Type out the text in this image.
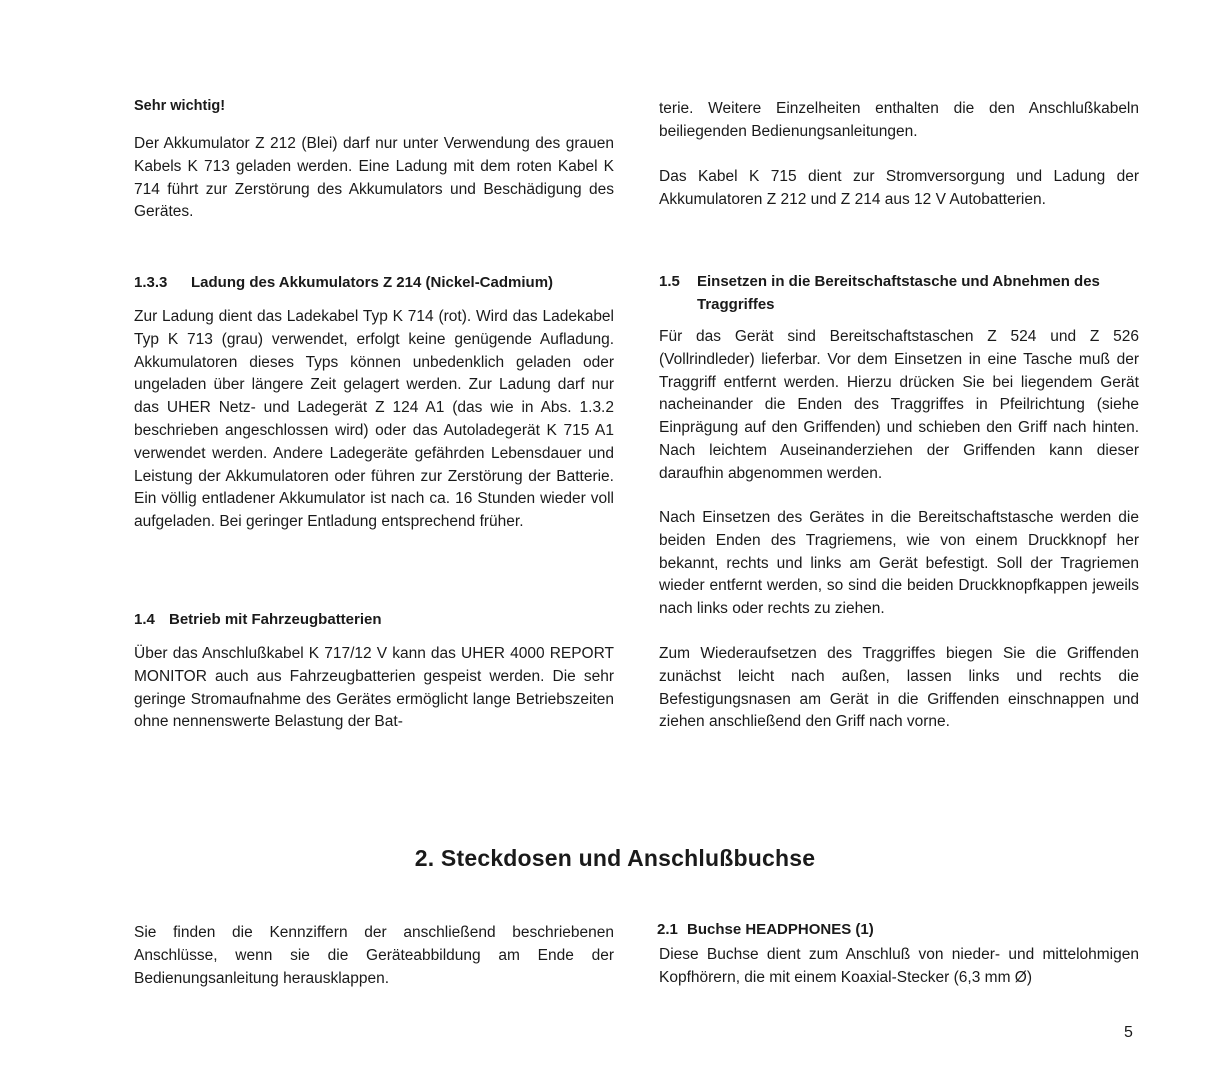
Sehr wichtig!

Der Akkumulator Z 212 (Blei) darf nur unter Verwendung des grauen Kabels K 713 geladen werden. Eine Ladung mit dem roten Kabel K 714 führt zur Zerstörung des Akkumulators und Beschädigung des Gerätes.

1.3.3 Ladung des Akkumulators Z 214 (Nickel-Cadmium)

Zur Ladung dient das Ladekabel Typ K 714 (rot). Wird das Ladekabel Typ K 713 (grau) verwendet, erfolgt keine genügende Aufladung. Akkumulatoren dieses Typs können unbedenklich geladen oder ungeladen über längere Zeit gelagert werden. Zur Ladung darf nur das UHER Netz- und Ladegerät Z 124 A1 (das wie in Abs. 1.3.2 beschrieben angeschlossen wird) oder das Autoladegerät K 715 A1 verwendet werden. Andere Ladegeräte gefährden Lebensdauer und Leistung der Akkumulatoren oder führen zur Zerstörung der Batterie. Ein völlig entladener Akkumulator ist nach ca. 16 Stunden wieder voll aufgeladen. Bei geringer Entladung entsprechend früher.

1.4 Betrieb mit Fahrzeugbatterien

Über das Anschlußkabel K 717/12 V kann das UHER 4000 REPORT MONITOR auch aus Fahrzeugbatterien gespeist werden. Die sehr geringe Stromaufnahme des Gerätes ermöglicht lange Betriebszeiten ohne nennenswerte Belastung der Bat-

terie. Weitere Einzelheiten enthalten die den Anschlußkabeln beiliegenden Bedienungsanleitungen.

Das Kabel K 715 dient zur Stromversorgung und Ladung der Akkumulatoren Z 212 und Z 214 aus 12 V Autobatterien.

1.5	Einsetzen in die Bereitschaftstasche und Abnehmen des Traggriffes

Für das Gerät sind Bereitschaftstaschen Z 524 und Z 526 (Vollrindleder) lieferbar. Vor dem Einsetzen in eine Tasche muß der Traggriff entfernt werden. Hierzu drücken Sie bei liegendem Gerät nacheinander die Enden des Traggriffes in Pfeilrichtung (siehe Einprägung auf den Griffenden) und schieben den Griff nach hinten. Nach leichtem Auseinanderziehen der Griffenden kann dieser daraufhin abgenommen werden.

Nach Einsetzen des Gerätes in die Bereitschaftstasche werden die beiden Enden des Tragriemens, wie von einem Druckknopf her bekannt, rechts und links am Gerät befestigt. Soll der Tragriemen wieder entfernt werden, so sind die beiden Druckknopfkappen jeweils nach links oder rechts zu ziehen.

Zum Wiederaufsetzen des Traggriffes biegen Sie die Griffenden zunächst leicht nach außen, lassen links und rechts die Befestigungsnasen am Gerät in die Griffenden einschnappen und ziehen anschließend den Griff nach vorne.

2. Steckdosen und Anschlußbuchse

Sie finden die Kennziffern der anschließend beschriebenen Anschlüsse, wenn sie die Geräteabbildung am Ende der Bedienungsanleitung herausklappen.

2.1 Buchse HEADPHONES (1)

Diese Buchse dient zum Anschluß von nieder- und mittelohmigen Kopfhörern, die mit einem Koaxial-Stecker (6,3 mm Ø)

5
